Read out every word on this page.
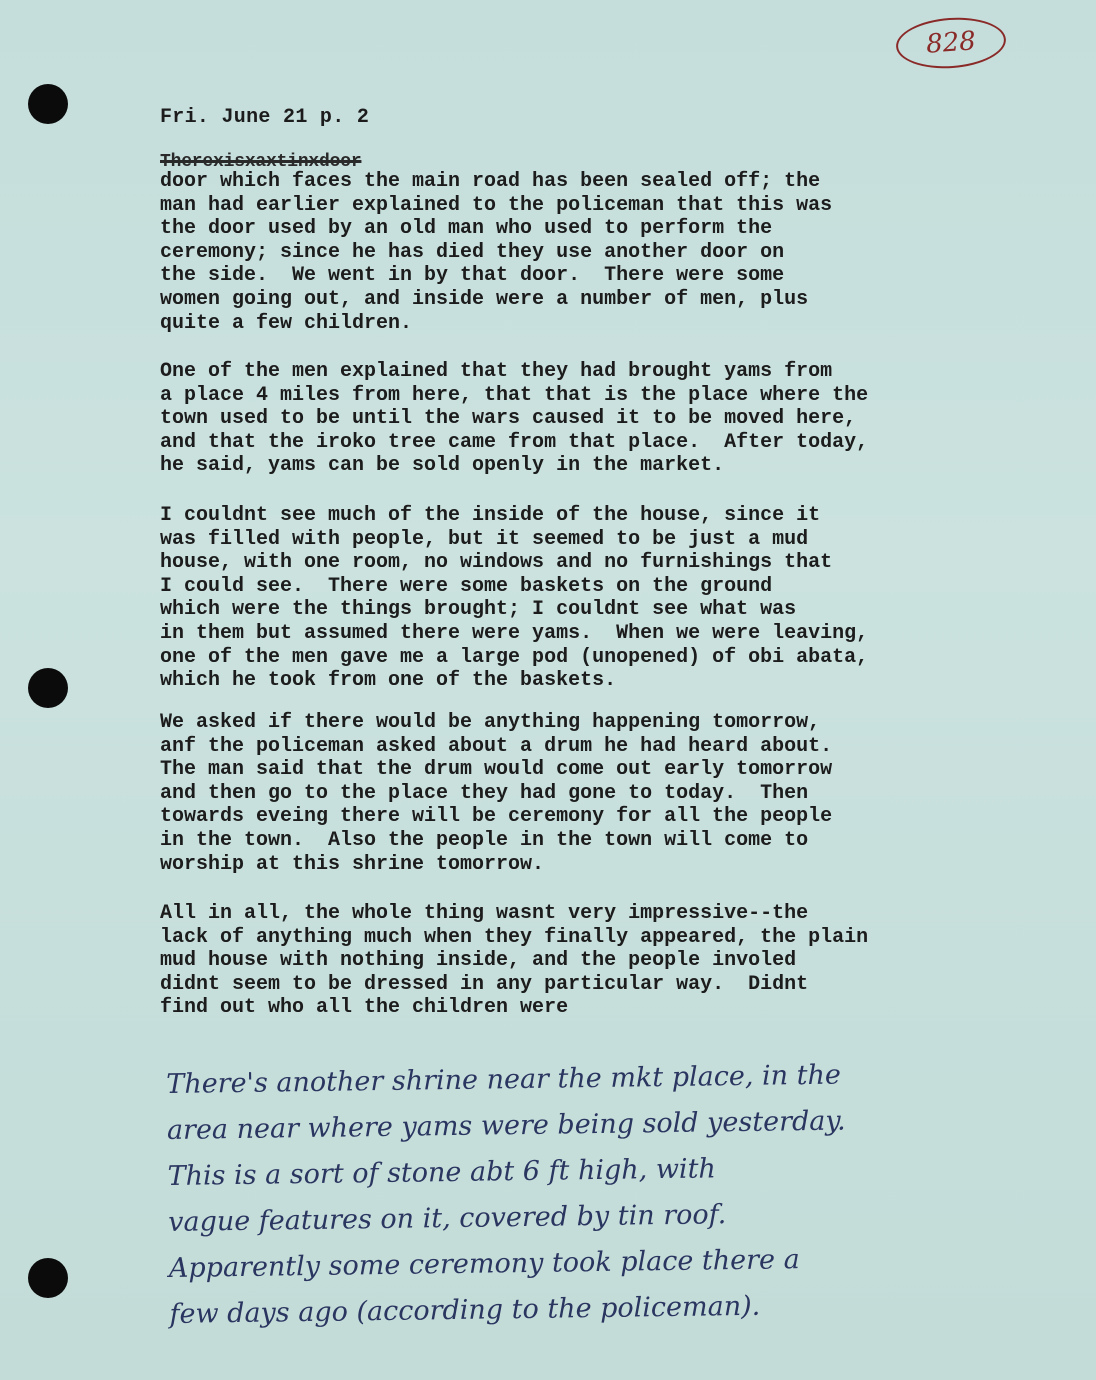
828
Fri. June 21 p. 2
Therexisxaxtinxdoor
door which faces the main road has been sealed off; the
man had earlier explained to the policeman that this was
the door used by an old man who used to perform the
ceremony; since he has died they use another door on
the side.  We went in by that door.  There were some
women going out, and inside were a number of men, plus
quite a few children.
One of the men explained that they had brought yams from
a place 4 miles from here, that that is the place where the
town used to be until the wars caused it to be moved here,
and that the iroko tree came from that place.  After today,
he said, yams can be sold openly in the market.
I couldnt see much of the inside of the house, since it
was filled with people, but it seemed to be just a mud
house, with one room, no windows and no furnishings that
I could see.  There were some baskets on the ground
which were the things brought; I couldnt see what was
in them but assumed there were yams.  When we were leaving,
one of the men gave me a large pod (unopened) of obi abata,
which he took from one of the baskets.
We asked if there would be anything happening tomorrow,
anf the policeman asked about a drum he had heard about.
The man said that the drum would come out early tomorrow
and then go to the place they had gone to today.  Then
towards eveing there will be ceremony for all the people
in the town.  Also the people in the town will come to
worship at this shrine tomorrow.
All in all, the whole thing wasnt very impressive--the
lack of anything much when they finally appeared, the plain
mud house with nothing inside, and the people involed
didnt seem to be dressed in any particular way.  Didnt
find out who all the children were
There's another shrine near the mkt place, in the
area near where yams were being sold yesterday.
This is a sort of stone abt 6 ft high, with
vague features on it, covered by tin roof.
Apparently some ceremony took place there a
few days ago (according to the policeman).
